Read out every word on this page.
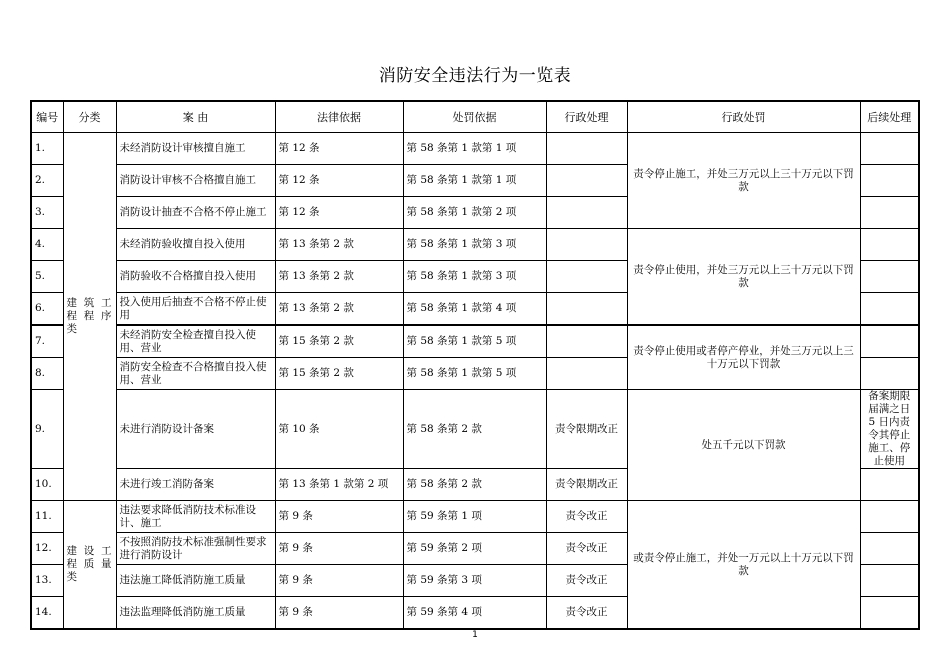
消防安全违法行为一览表
编号	分类	案 由	法律依据	处罚依据	行政处理	行政处罚	后续处理
1.	建 筑 工 程 程 序 类	未经消防设计审核擅自施工	第 12 条	第 58 条第 1 款第 1 项		责令停止施工，并处三万元以上三十万元以下罚款	
2.		消防设计审核不合格擅自施工	第 12 条	第 58 条第 1 款第 1 项			
3.		消防设计抽查不合格不停止施工	第 12 条	第 58 条第 1 款第 2 项			
4.		未经消防验收擅自投入使用	第 13 条第 2 款	第 58 条第 1 款第 3 项		责令停止使用，并处三万元以上三十万元以下罚款	
5.		消防验收不合格擅自投入使用	第 13 条第 2 款	第 58 条第 1 款第 3 项			
6.		投入使用后抽查不合格不停止使用	第 13 条第 2 款	第 58 条第 1 款第 4 项			
7.		未经消防安全检查擅自投入使用、营业	第 15 条第 2 款	第 58 条第 1 款第 5 项		责令停止使用或者停产停业，并处三万元以上三十万元以下罚款	
8.		消防安全检查不合格擅自投入使用、营业	第 15 条第 2 款	第 58 条第 1 款第 5 项			
9.		未进行消防设计备案	第 10 条	第 58 条第 2 款	责令限期改正	处五千元以下罚款	备案期限届满之日 5 日内责令其停止施工、停止使用
10.		未进行竣工消防备案	第 13 条第 1 款第 2 项	第 58 条第 2 款	责令限期改正		
11.	建 设 工 程 质 量 类	违法要求降低消防技术标准设计、施工	第 9 条	第 59 条第 1 项	责令改正	或责令停止施工，并处一万元以上十万元以下罚款	
12.		不按照消防技术标准强制性要求进行消防设计	第 9 条	第 59 条第 2 项	责令改正		
13.		违法施工降低消防施工质量	第 9 条	第 59 条第 3 项	责令改正		
14.		违法监理降低消防施工质量	第 9 条	第 59 条第 4 项	责令改正		
1
